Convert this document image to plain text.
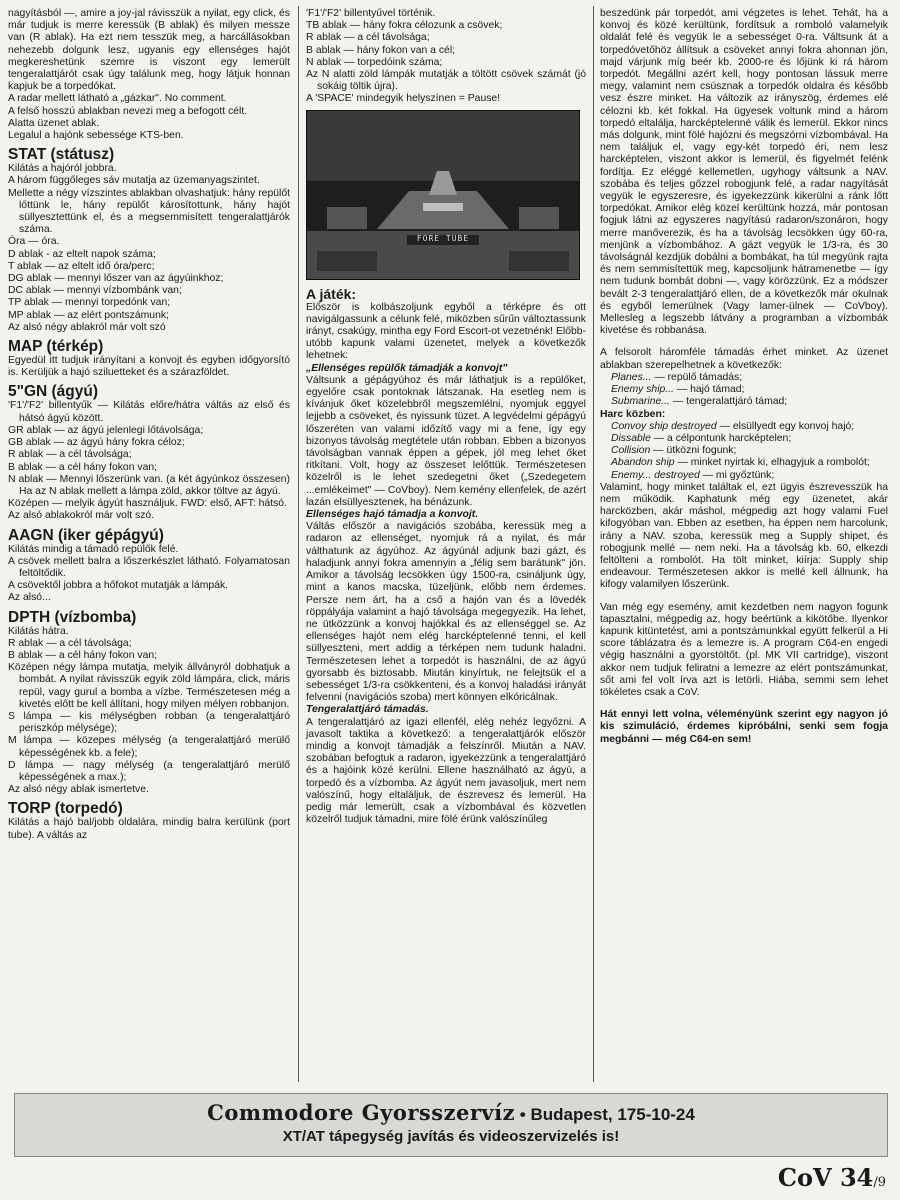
nagyításból —, amire a joy-jal rávisszük a nyilat, egy click, és már tudjuk is merre keressük (B ablak) és milyen messze van (R ablak). Ha ezt nem tesszük meg, a harcállásokban nehezebb dolgunk lesz, ugyanis egy ellenséges hajót megkereshetünk szemre is viszont egy lemerült tengeralattjárót csak úgy találunk meg, hogy látjuk honnan kapjuk be a torpedókat.

A radar mellett látható a „gázkar". No comment.

A felső hosszú ablakban nevezi meg a befogott célt.

Alatta üzenet ablak.

Legalul a hajónk sebessége KTS-ben.

STAT (státusz)

Kilátás a hajóról jobbra.

A három függőleges sáv mutatja az üzemanyagszintet.

Mellette a négy vízszintes ablakban olvashatjuk: hány repülőt lőttünk le, hány repülőt károsítottunk, hány hajót süllyesztettünk el, és a megsemmisített tengeralattjárók száma.

Óra — óra.

D ablak - az eltelt napok száma;

T ablak — az eltelt idő óra/perc;

DG ablak — mennyi lőszer van az ágyúinkhoz;

DC ablak — mennyi vízbombánk van;

TP ablak — mennyi torpedónk van;

MP ablak — az elért pontszámunk;

Az alsó négy ablakról már volt szó

MAP (térkép)

Egyedül itt tudjuk irányítani a konvojt és egyben időgyorsító is. Kerüljük a hajó sziluetteket és a szárazföldet.

5"GN (ágyú)

'F1'/'F2' billentyűk — Kilátás előre/hátra váltás az első és hátsó ágyú között.

GR ablak — az ágyú jelenlegi lőtávolsága;

GB ablak — az ágyú hány fokra céloz;

R ablak — a cél távolsága;

B ablak — a cél hány fokon van;

N ablak — Mennyi lőszerünk van. (a két ágyúnkoz összesen) Ha az N ablak mellett a lámpa zöld, akkor töltve az ágyú.

Középen — melyik ágyút használjuk. FWD: első, AFT: hátsó.

Az alsó ablakokról már volt szó.

AAGN (iker gépágyú)

Kilátás mindig a támadó repülők felé.

A csövek mellett balra a lőszerkészlet látható. Folyamatosan feltöltődik.

A csövektől jobbra a hőfokot mutatják a lámpák.

Az alsó...

DPTH (vízbomba)

Kilátás hátra.

R ablak — a cél távolsága;

B ablak — a cél hány fokon van;

Középen négy lámpa mutatja, melyik állványról dobhatjuk a bombát. A nyilat rávisszük egyik zöld lámpára, click, máris repül, vagy gurul a bomba a vízbe. Természetesen még a kivetés előtt be kell állítani, hogy milyen mélyen robbanjon.

S lámpa — kis mélységben robban (a tengeralattjáró periszkóp mélysége);

M lámpa — közepes mélység (a tengeralattjáró merülő képességének kb. a fele);

D lámpa — nagy mélység (a tengeralattjáró merülő képességének a max.);

Az alsó négy ablak ismertetve.

TORP (torpedó)

Kilátás a hajó bal/jobb oldalára, mindig balra kerülünk (port tube). A váltás az

'F1'/'F2' billentyűvel történik.

TB ablak — hány fokra célozunk a csövek;

R ablak — a cél távolsága;

B ablak — hány fokon van a cél;

N ablak — torpedóink száma;

Az N alatti zöld lámpák mutatják a töltött csövek számát (jó sokáig töltik újra).

A 'SPACE' mindegyik helyszínen = Pause!

FORE TUBE
A játék:

Először is kolbászoljunk egyből a térképre és ott navigálgassunk a célunk felé, miközben sűrűn változtassunk irányt, csakúgy, mintha egy Ford Escort-ot vezetnénk! Előbb-utóbb kapunk valami üzenetet, melyek a következők lehetnek:

„Ellenséges repülők támadják a konvojt"

Váltsunk a gépágyúhoz és már láthatjuk is a repülőket, egyelőre csak pontoknak látszanak. Ha esetleg nem is kívánjuk őket közelebbről megszemlélni, nyomjuk eggyel lejjebb a csöveket, és nyissunk tüzet. A legvédelmi gépágyú lőszeréten van valami időzítő vagy mi a fene, így egy bizonyos távolság megtétele után robban. Ebben a bizonyos távolságban vannak éppen a gépek, jól meg lehet őket ritkítani. Volt, hogy az összeset lelőttük. Természetesen közelről is le lehet szedegetni őket („Szedegetem ...emlékeimet" — CoVboy). Nem kemény ellenfelek, de azért lazán elsüllyesztenek, ha bénázunk.

Ellenséges hajó támadja a konvojt.

Váltás először a navigációs szobába, keressük meg a radaron az ellenséget, nyomjuk rá a nyilat, és már válthatunk az ágyúhoz. Az ágyúnál adjunk bazi gázt, és haladjunk annyi fokra amennyin a „félig sem barátunk" jön. Amikor a távolság lecsökken úgy 1500-ra, csináljunk úgy, mint a kanos macska, tüzeljünk, előbb nem érdemes. Persze nem árt, ha a cső a hajón van és a lövedék röppályája valamint a hajó távolsága megegyezik. Ha lehet, ne ütközzünk a konvoj hajókkal és az ellenséggel se. Az ellenséges hajót nem elég harcképtelenné tenni, el kell süllyeszteni, mert addig a térképen nem tudunk haladni. Természetesen lehet a torpedót is használni, de az ágyú gyorsabb és biztosabb. Miután kinyírtuk, ne felejtsük el a sebességet 1/3-ra csökkenteni, és a konvoj haladási irányát felvenni (navigációs szoba) mert könnyen elkóricálnak.

Tengeralattjáró támadás.

A tengeralattjáró az igazi ellenfél, elég nehéz legyőzni. A javasolt taktika a következő: a tengeralattjárók először mindig a konvojt támadják a felszínről. Miután a NAV. szobában befogtuk a radaron, igyekezzünk a tengeralattjáró és a hajóink közé kerülni. Ellene használható az ágyú, a torpedó és a vízbomba. Az ágyút nem javasoljuk, mert nem valószínű, hogy eltaláljuk, de észrevesz és lemerül. Ha pedig már lemerült, csak a vízbombával és közvetlen közelről tudjuk támadni, mire fölé érünk valószínűleg

beszedünk pár torpedót, ami végzetes is lehet. Tehát, ha a konvoj és közé kerültünk, fordítsuk a romboló valamelyik oldalát felé és vegyük le a sebességet 0-ra. Váltsunk át a torpedóvetőhöz állítsuk a csöveket annyi fokra ahonnan jön, majd várjunk míg beér kb. 2000-re és lőjünk ki rá három torpedót. Megállni azért kell, hogy pontosan lássuk merre megy, valamint nem csúsznak a torpedók oldalra és később vesz észre minket. Ha változik az irányszög, érdemes elé célozni kb. két fokkal. Ha ügyesek voltunk mind a három torpedó eltalálja, harcképtelenné válik és lemerül. Ekkor nincs más dolgunk, mint fölé hajózni és megszórni vízbombával. Ha nem találjuk el, vagy egy-két torpedó éri, nem lesz harcképtelen, viszont akkor is lemerül, és figyelmét felénk fordítja. Ez eléggé kellemetlen, ugyhogy váltsunk a NAV. szobába és teljes gőzzel robogjunk felé, a radar nagyítását vegyük le egyszeresre, és igyekezzünk kikerülni a ránk lőtt torpedókat. Amikor elég közel kerültünk hozzá, már pontosan fogjuk látni az egyszeres nagyítású radaron/szonáron, hogy merre manőverezik, és ha a távolság lecsökken úgy 60-ra, menjünk a vízbombához. A gázt vegyük le 1/3-ra, és 30 távolságnál kezdjük dobálni a bombákat, ha túl megyünk rajta és nem semmisítettük meg, kapcsoljunk hátramenetbe — így nem tudunk bombát dobni —, vagy körözzünk. Ez a módszer bevált 2-3 tengeralattjáró ellen, de a következők már okulnak és egyből lemerülnek (Vagy lamer-ülnek — CoVboy). Mellesleg a legszebb látvány a programban a vízbombák kivetése és robbanása.

A felsorolt háromféle támadás érhet minket. Az üzenet ablakban szerepelhetnek a következők:

Planes... — repülő támadás;

Enemy ship... — hajó támad;

Submarine... — tengeralattjáró támad;

Harc közben:

Convoy ship destroyed — elsüllyedt egy konvoj hajó;

Dissable — a célpontunk harcképtelen;

Collision — ütközni fogunk;

Abandon ship — minket nyirtak ki, elhagyjuk a rombolót;

Enemy... destroyed — mi győztünk;

Valamint, hogy minket találtak el, ezt ügyis észrevesszük ha nem működik. Kaphatunk még egy üzenetet, akár harcközben, akár máshol, mégpedig azt hogy valami Fuel kifogyóban van. Ebben az esetben, ha éppen nem harcolunk, irány a NAV. szoba, keressük meg a Supply shipet, és robogjunk mellé — nem neki. Ha a távolság kb. 60, elkezdi feltölteni a rombolót. Ha tölt minket, kiírja: Supply ship endeavour. Természetesen akkor is mellé kell állnunk, ha kifogy valamilyen lőszerünk.

Van még egy esemény, amit kezdetben nem nagyon fogunk tapasztalni, mégpedig az, hogy beértünk a kikötőbe. Ilyenkor kapunk kitüntetést, ami a pontszámunkkal együtt felkerül a Hi score táblázatra és a lemezre is. A program C64-en engedi végig használni a gyorstöltőt. (pl. MK VII cartridge), viszont akkor nem tudjuk feliratni a lemezre az elért pontszámunkat, sőt ami fel volt írva azt is letörli. Hiába, semmi sem lehet tökéletes csak a CoV.

Hát ennyi lett volna, véleményünk szerint egy nagyon jó kis szimuláció, érdemes kipróbálni, senki sem fogja megbánni — még C64-en sem!

Commodore Gyorsszervíz • Budapest, 175-10-24
XT/AT tápegység javítás és videoszervizelés is!
CoV 34/9
